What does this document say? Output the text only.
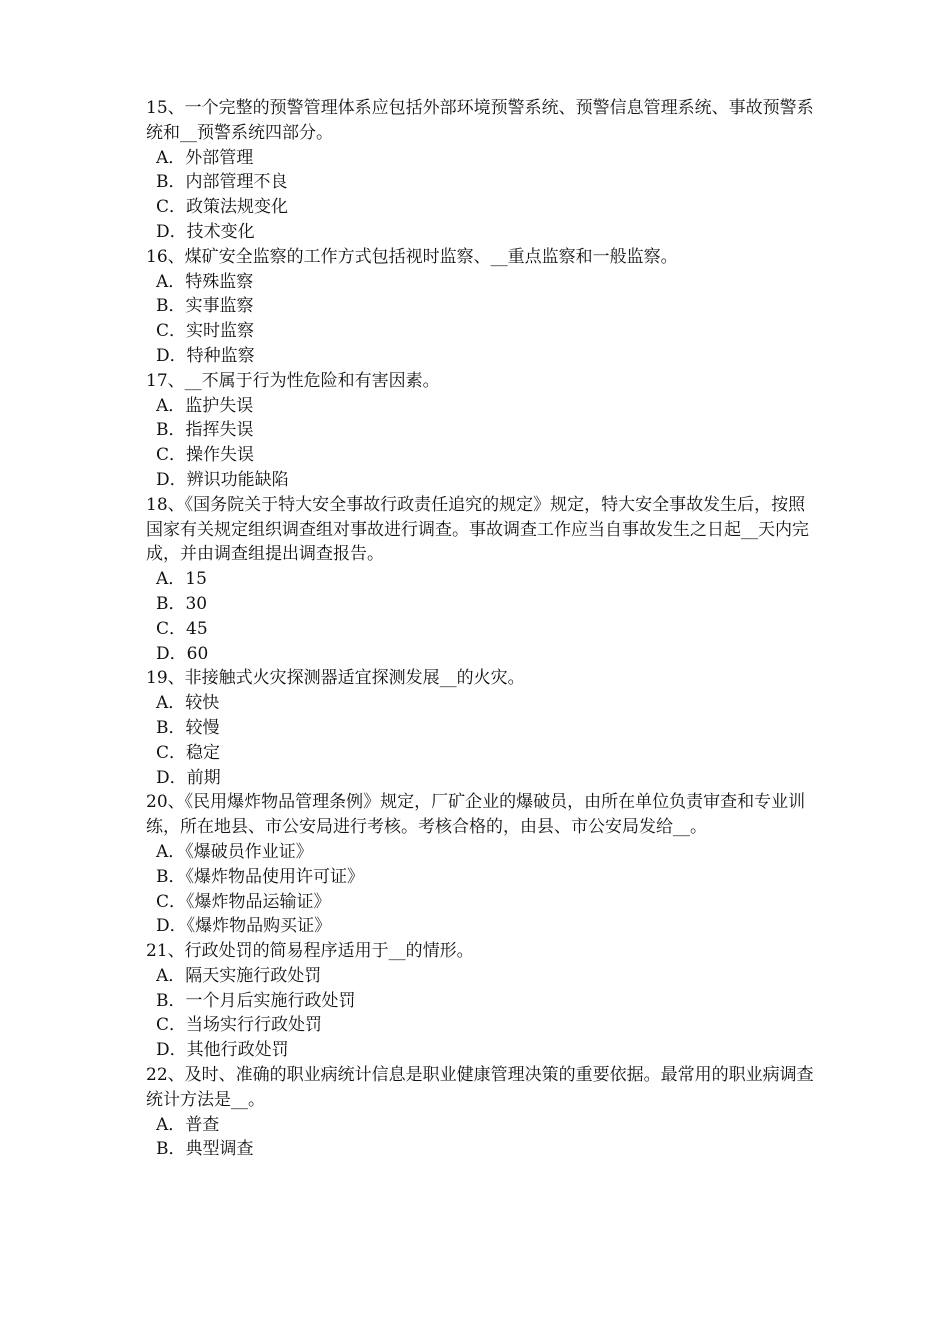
15、一个完整的预警管理体系应包括外部环境预警系统、预警信息管理系统、事故预警系统和__预警系统四部分。

A．外部管理

B．内部管理不良

C．政策法规变化

D．技术变化

16、煤矿安全监察的工作方式包括视时监察、__重点监察和一般监察。

A．特殊监察

B．实事监察

C．实时监察

D．特种监察

17、__不属于行为性危险和有害因素。

A．监护失误

B．指挥失误

C．操作失误

D．辨识功能缺陷

18、《国务院关于特大安全事故行政责任追究的规定》规定，特大安全事故发生后，按照国家有关规定组织调查组对事故进行调查。事故调查工作应当自事故发生之日起__天内完成，并由调查组提出调查报告。

A．15

B．30

C．45

D．60

19、非接触式火灾探测器适宜探测发展__的火灾。

A．较快

B．较慢

C．稳定

D．前期

20、《民用爆炸物品管理条例》规定，厂矿企业的爆破员，由所在单位负责审查和专业训练，所在地县、市公安局进行考核。考核合格的，由县、市公安局发给__。

A．《爆破员作业证》

B．《爆炸物品使用许可证》

C．《爆炸物品运输证》

D．《爆炸物品购买证》

21、行政处罚的简易程序适用于__的情形。

A．隔天实施行政处罚

B．一个月后实施行政处罚

C．当场实行行政处罚

D．其他行政处罚

22、及时、准确的职业病统计信息是职业健康管理决策的重要依据。最常用的职业病调查统计方法是__。

A．普查

B．典型调查
